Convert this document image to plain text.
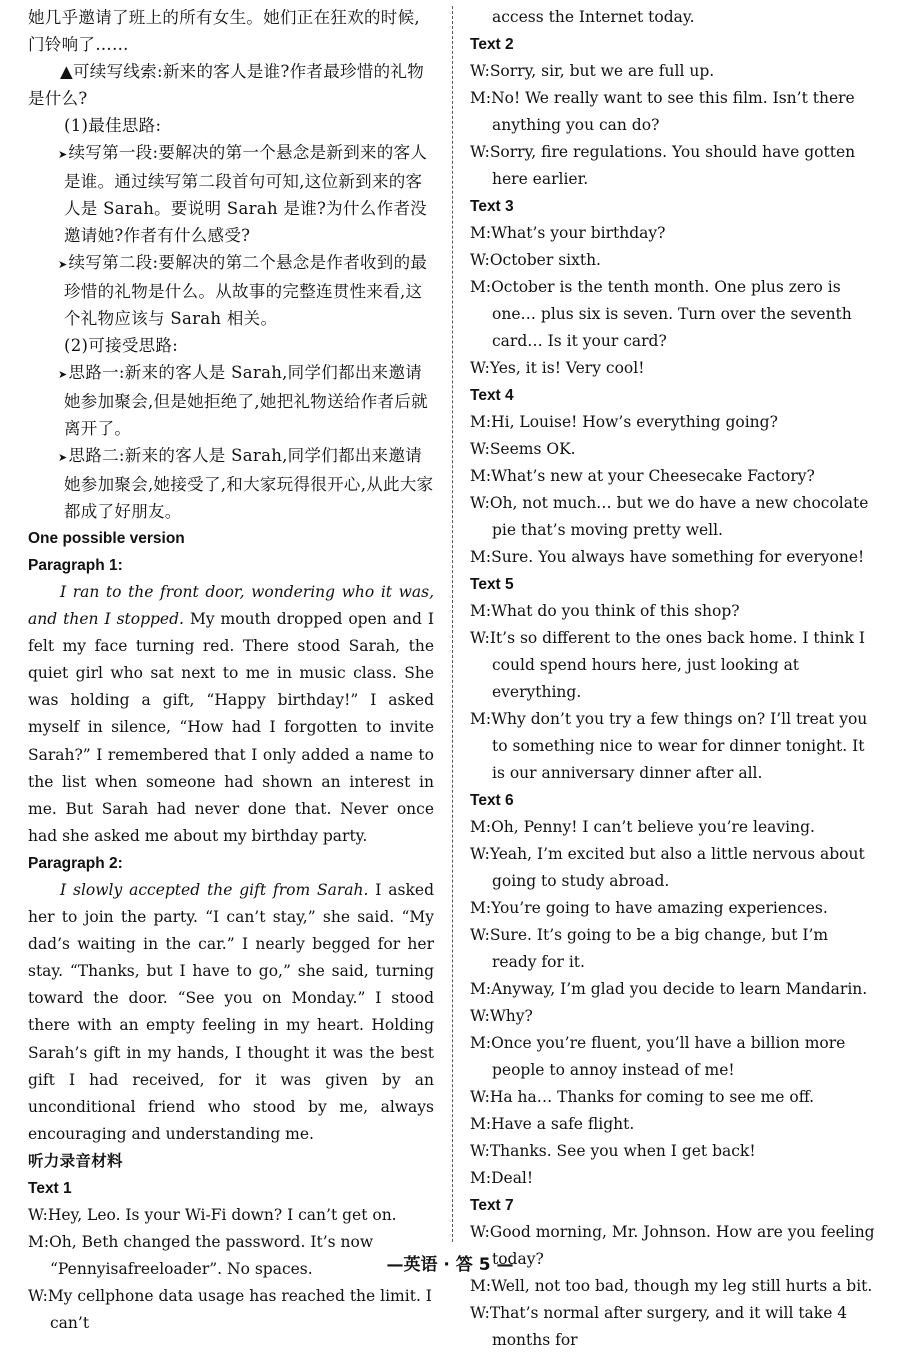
她几乎邀请了班上的所有女生。她们正在狂欢的时候,

门铃响了……

▲可续写线索:新来的客人是谁?作者最珍惜的礼物是什么?

(1)最佳思路:

➤续写第一段:要解决的第一个悬念是新到来的客人是谁。通过续写第二段首句可知,这位新到来的客人是 Sarah。要说明 Sarah 是谁?为什么作者没邀请她?作者有什么感受?

➤续写第二段:要解决的第二个悬念是作者收到的最珍惜的礼物是什么。从故事的完整连贯性来看,这个礼物应该与 Sarah 相关。

(2)可接受思路:

➤思路一:新来的客人是 Sarah,同学们都出来邀请她参加聚会,但是她拒绝了,她把礼物送给作者后就离开了。

➤思路二:新来的客人是 Sarah,同学们都出来邀请她参加聚会,她接受了,和大家玩得很开心,从此大家都成了好朋友。

One possible version

Paragraph 1:

I ran to the front door, wondering who it was, and then I stopped. My mouth dropped open and I felt my face turning red. There stood Sarah, the quiet girl who sat next to me in music class. She was holding a gift, “Happy birthday!” I asked myself in silence, “How had I forgotten to invite Sarah?” I remembered that I only added a name to the list when someone had shown an interest in me. But Sarah had never done that. Never once had she asked me about my birthday party.

Paragraph 2:

I slowly accepted the gift from Sarah. I asked her to join the party. “I can’t stay,” she said. “My dad’s waiting in the car.” I nearly begged for her stay. “Thanks, but I have to go,” she said, turning toward the door. “See you on Monday.” I stood there with an empty feeling in my heart. Holding Sarah’s gift in my hands, I thought it was the best gift I had received, for it was given by an unconditional friend who stood by me, always encouraging and understanding me.

听力录音材料

Text 1

W:Hey, Leo. Is your Wi-Fi down? I can’t get on.

M:Oh, Beth changed the password. It’s now “Pennyisafreeloader”. No spaces.

W:My cellphone data usage has reached the limit. I can’t

access the Internet today.

Text 2

W:Sorry, sir, but we are full up.

M:No! We really want to see this film. Isn’t there anything you can do?

W:Sorry, fire regulations. You should have gotten here earlier.

Text 3

M:What’s your birthday?

W:October sixth.

M:October is the tenth month. One plus zero is one… plus six is seven. Turn over the seventh card… Is it your card?

W:Yes, it is! Very cool!

Text 4

M:Hi, Louise! How’s everything going?

W:Seems OK.

M:What’s new at your Cheesecake Factory?

W:Oh, not much… but we do have a new chocolate pie that’s moving pretty well.

M:Sure. You always have something for everyone!

Text 5

M:What do you think of this shop?

W:It’s so different to the ones back home. I think I could spend hours here, just looking at everything.

M:Why don’t you try a few things on? I’ll treat you to something nice to wear for dinner tonight. It is our anniversary dinner after all.

Text 6

M:Oh, Penny! I can’t believe you’re leaving.

W:Yeah, I’m excited but also a little nervous about going to study abroad.

M:You’re going to have amazing experiences.

W:Sure. It’s going to be a big change, but I’m ready for it.

M:Anyway, I’m glad you decide to learn Mandarin.

W:Why?

M:Once you’re fluent, you’ll have a billion more people to annoy instead of me!

W:Ha ha… Thanks for coming to see me off.

M:Have a safe flight.

W:Thanks. See you when I get back!

M:Deal!

Text 7

W:Good morning, Mr. Johnson. How are you feeling today?

M:Well, not too bad, though my leg still hurts a bit.

W:That’s normal after surgery, and it will take 4 months for

—英语 · 答 5 —
